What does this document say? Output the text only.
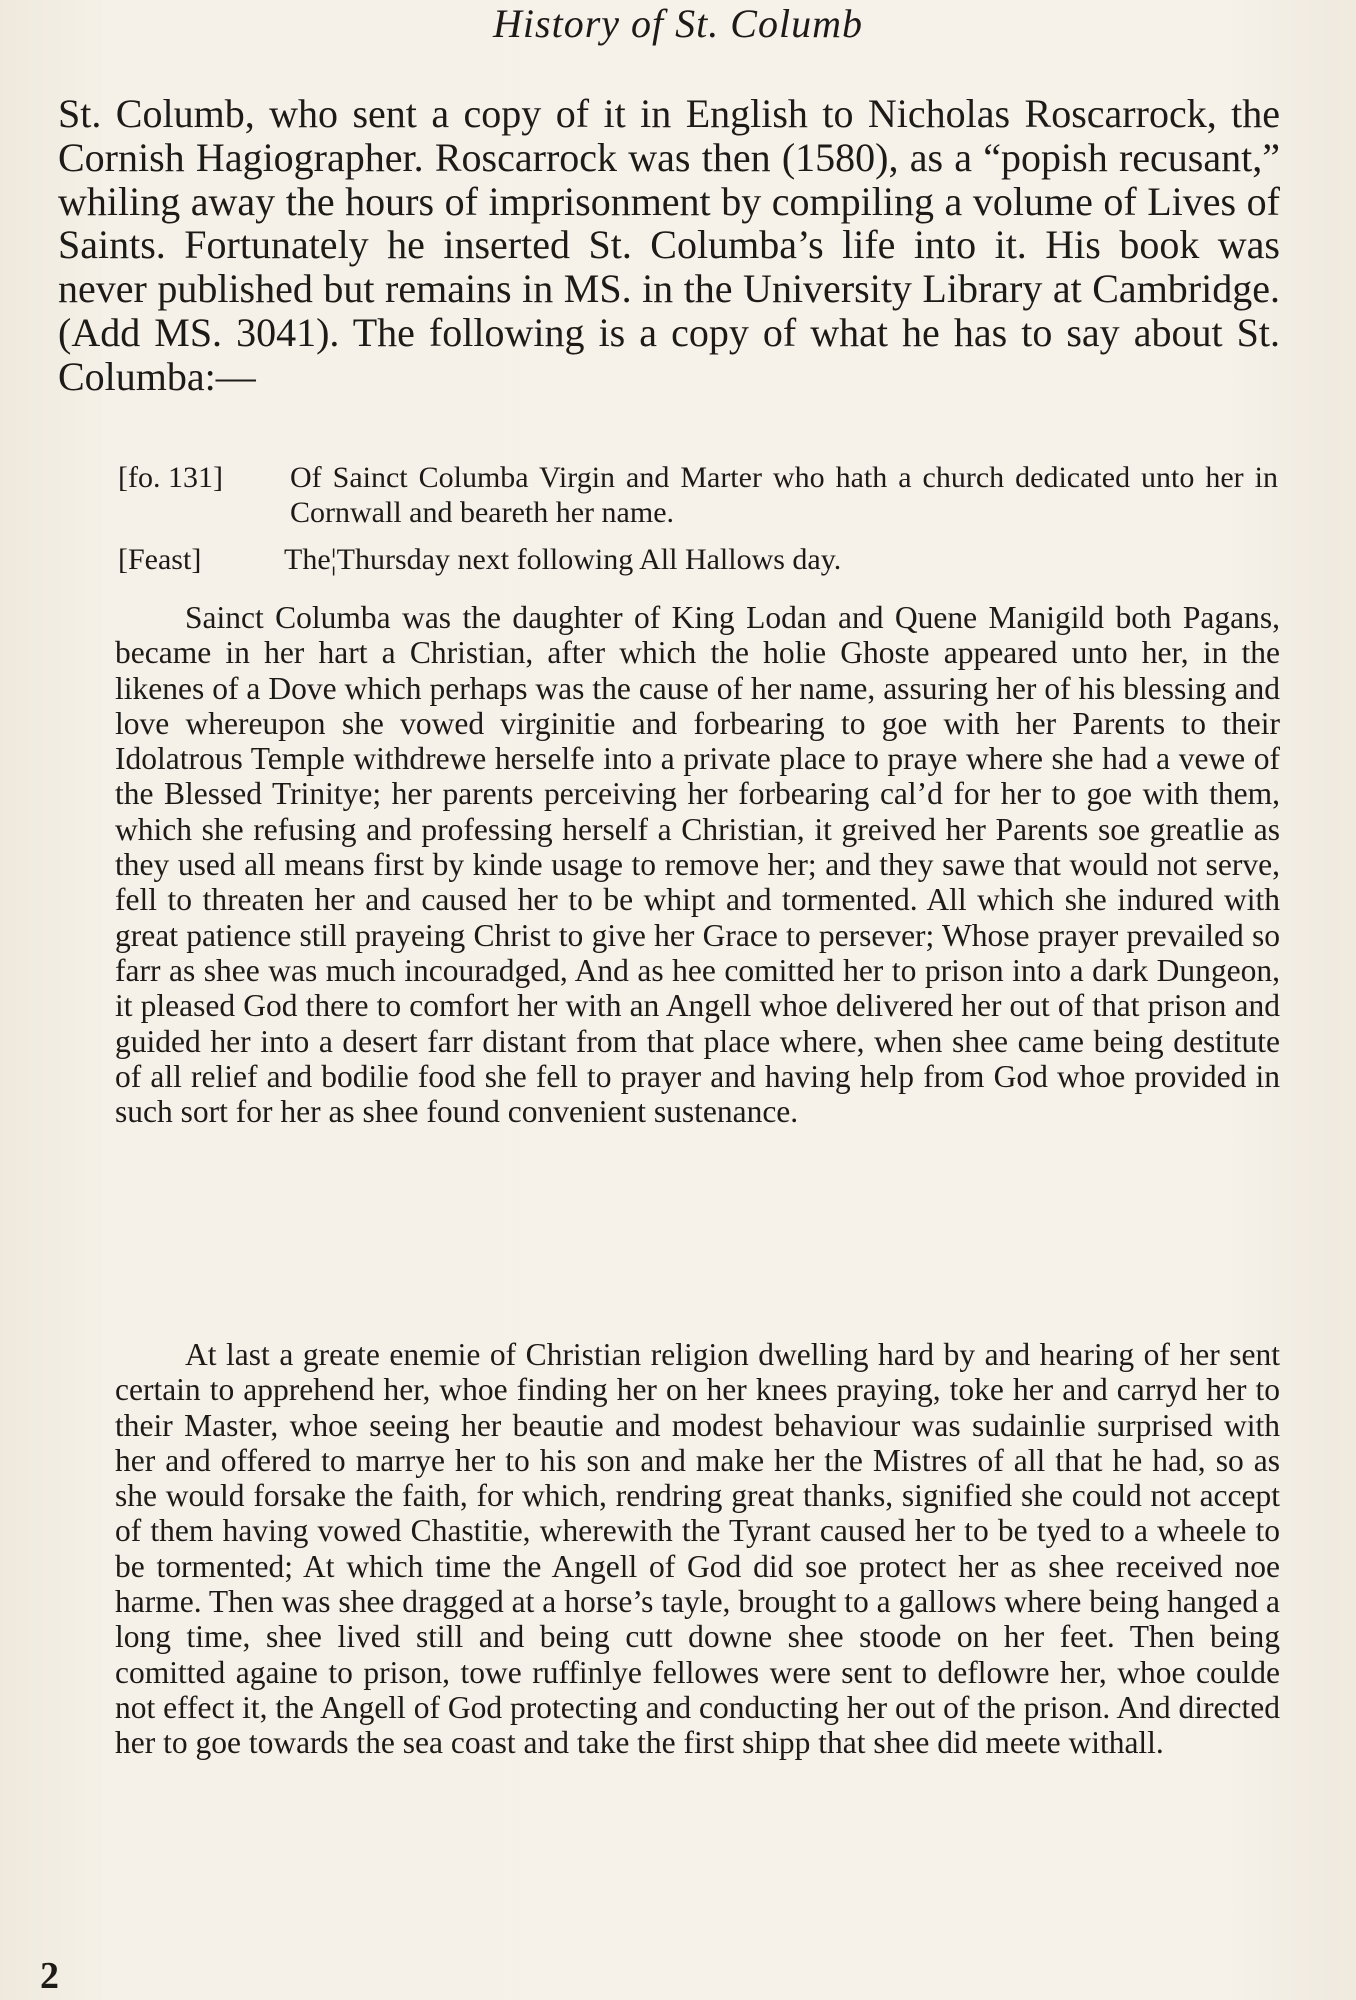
History of St. Columb
St. Columb, who sent a copy of it in English to Nicholas Roscarrock, the Cornish Hagiographer. Roscarrock was then (1580), as a “popish recusant,” whiling away the hours of imprisonment by compiling a volume of Lives of Saints. Fortunately he inserted St. Columba’s life into it. His book was never published but remains in MS. in the University Library at Cambridge. (Add MS. 3041). The following is a copy of what he has to say about St. Columba:—
[fo. 131] Of Sainct Columba Virgin and Marter who hath a church dedicated unto her in Cornwall and beareth her name.
[Feast]	The¦Thursday next following All Hallows day.
Sainct Columba was the daughter of King Lodan and Quene Manigild both Pagans, became in her hart a Christian, after which the holie Ghoste appeared unto her, in the likenes of a Dove which perhaps was the cause of her name, assuring her of his blessing and love whereupon she vowed virginitie and forbearing to goe with her Parents to their Idolatrous Temple withdrewe herselfe into a private place to praye where she had a vewe of the Blessed Trinitye; her parents perceiving her forbearing cal’d for her to goe with them, which she refusing and professing herself a Christian, it greived her Parents soe greatlie as they used all means first by kinde usage to remove her; and they sawe that would not serve, fell to threaten her and caused her to be whipt and tormented. All which she indured with great patience still prayeing Christ to give her Grace to persever; Whose prayer prevailed so farr as shee was much incouradged, And as hee comitted her to prison into a dark Dungeon, it pleased God there to comfort her with an Angell whoe delivered her out of that prison and guided her into a desert farr distant from that place where, when shee came being destitute of all relief and bodilie food she fell to prayer and having help from God whoe provided in such sort for her as shee found convenient sustenance.
At last a greate enemie of Christian religion dwelling hard by and hearing of her sent certain to apprehend her, whoe finding her on her knees praying, toke her and carryd her to their Master, whoe seeing her beautie and modest behaviour was sudainlie surprised with her and offered to marrye her to his son and make her the Mistres of all that he had, so as she would forsake the faith, for which, rendring great thanks, signified she could not accept of them having vowed Chastitie, wherewith the Tyrant caused her to be tyed to a wheele to be tormented; At which time the Angell of God did soe protect her as shee received noe harme. Then was shee dragged at a horse’s tayle, brought to a gallows where being hanged a long time, shee lived still and being cutt downe shee stoode on her feet. Then being comitted againe to prison, towe ruffinlye fellowes were sent to deflowre her, whoe coulde not effect it, the Angell of God protecting and conducting her out of the prison. And directed her to goe towards the sea coast and take the first shipp that shee did meete withall.
2
